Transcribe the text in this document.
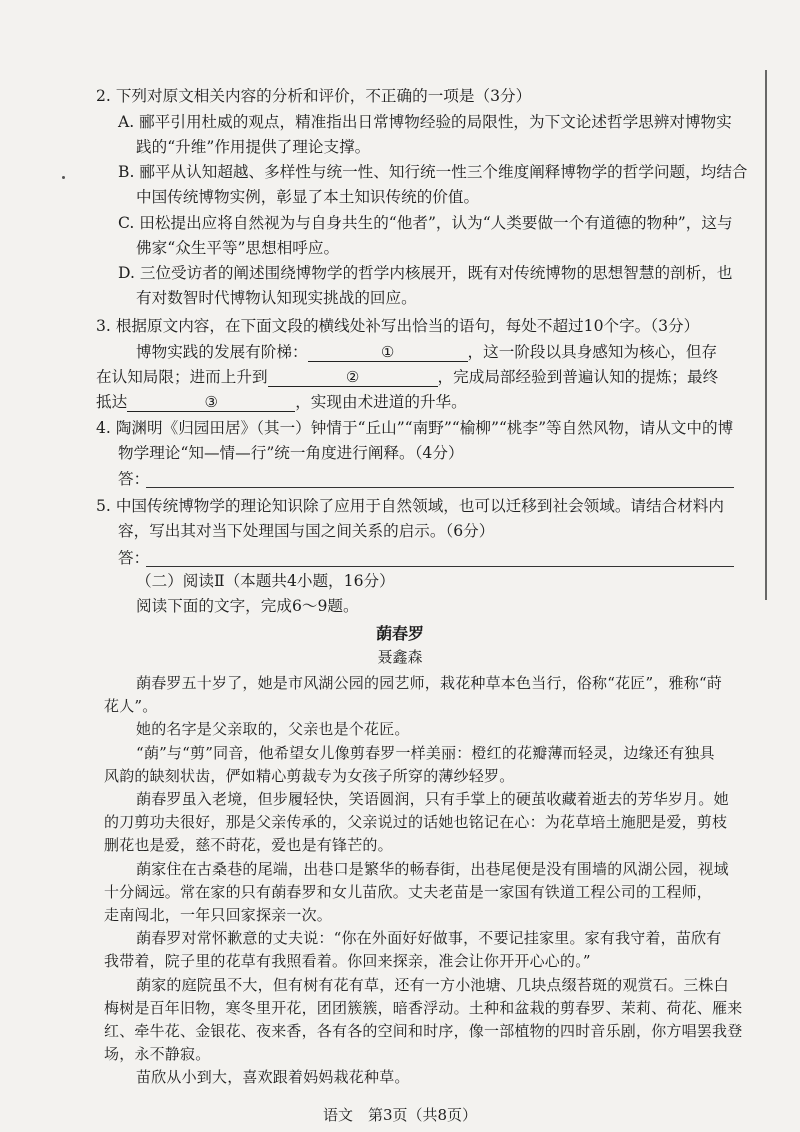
2. 下列对原文相关内容的分析和评价，不正确的一项是（3分）
A. 郦平引用杜威的观点，精准指出日常博物经验的局限性，为下文论述哲学思辨对博物实
践的“升维”作用提供了理论支撑。
B. 郦平从认知超越、多样性与统一性、知行统一性三个维度阐释博物学的哲学问题，均结合
中国传统博物实例，彰显了本土知识传统的价值。
C. 田松提出应将自然视为与自身共生的“他者”，认为“人类要做一个有道德的物种”，这与
佛家“众生平等”思想相呼应。
D. 三位受访者的阐述围绕博物学的哲学内核展开，既有对传统博物的思想智慧的剖析，也
有对数智时代博物认知现实挑战的回应。
3. 根据原文内容，在下面文段的横线处补写出恰当的语句，每处不超过10个字。（3分）
博物实践的发展有阶梯：	①	，这一阶段以具身感知为核心，但存
在认知局限；进而上升到	②	，完成局部经验到普遍认知的提炼；最终
抵达	③	，实现由术进道的升华。
4. 陶渊明《归园田居》（其一）钟情于“丘山”“南野”“榆柳”“桃李”等自然风物，请从文中的博
物学理论“知—情—行”统一角度进行阐释。（4分）
答：
5. 中国传统博物学的理论知识除了应用于自然领域，也可以迁移到社会领域。请结合材料内
容，写出其对当下处理国与国之间关系的启示。（6分）
答：
（二）阅读Ⅱ（本题共4小题，16分）
阅读下面的文字，完成6～9题。
蓢春罗
聂鑫森
蓢春罗五十岁了，她是市风湖公园的园艺师，栽花种草本色当行，俗称“花匠”，雅称“莳
花人”。
她的名字是父亲取的，父亲也是个花匠。
“蓢”与“剪”同音，他希望女儿像剪春罗一样美丽：橙红的花瓣薄而轻灵，边缘还有独具
风韵的缺刻状齿，俨如精心剪裁专为女孩子所穿的薄纱轻罗。
蓢春罗虽入老境，但步履轻快，笑语圆润，只有手掌上的硬茧收藏着逝去的芳华岁月。她
的刀剪功夫很好，那是父亲传承的，父亲说过的话她也铭记在心：为花草培土施肥是爱，剪枝
删花也是爱，慈不莳花，爱也是有锋芒的。
蓢家住在古桑巷的尾端，出巷口是繁华的畅春街，出巷尾便是没有围墙的风湖公园，视域
十分阔远。常在家的只有蓢春罗和女儿苗欣。丈夫老苗是一家国有铁道工程公司的工程师，
走南闯北，一年只回家探亲一次。
蓢春罗对常怀歉意的丈夫说：“你在外面好好做事，不要记挂家里。家有我守着，苗欣有
我带着，院子里的花草有我照看着。你回来探亲，准会让你开开心心的。”
蓢家的庭院虽不大，但有树有花有草，还有一方小池塘、几块点缀苔斑的观赏石。三株白
梅树是百年旧物，寒冬里开花，团团簇簇，暗香浮动。土种和盆栽的剪春罗、茉莉、荷花、雁来
红、牵牛花、金银花、夜来香，各有各的空间和时序，像一部植物的四时音乐剧，你方唱罢我登
场，永不静寂。
苗欣从小到大，喜欢跟着妈妈栽花种草。
语文　第3页（共8页）
